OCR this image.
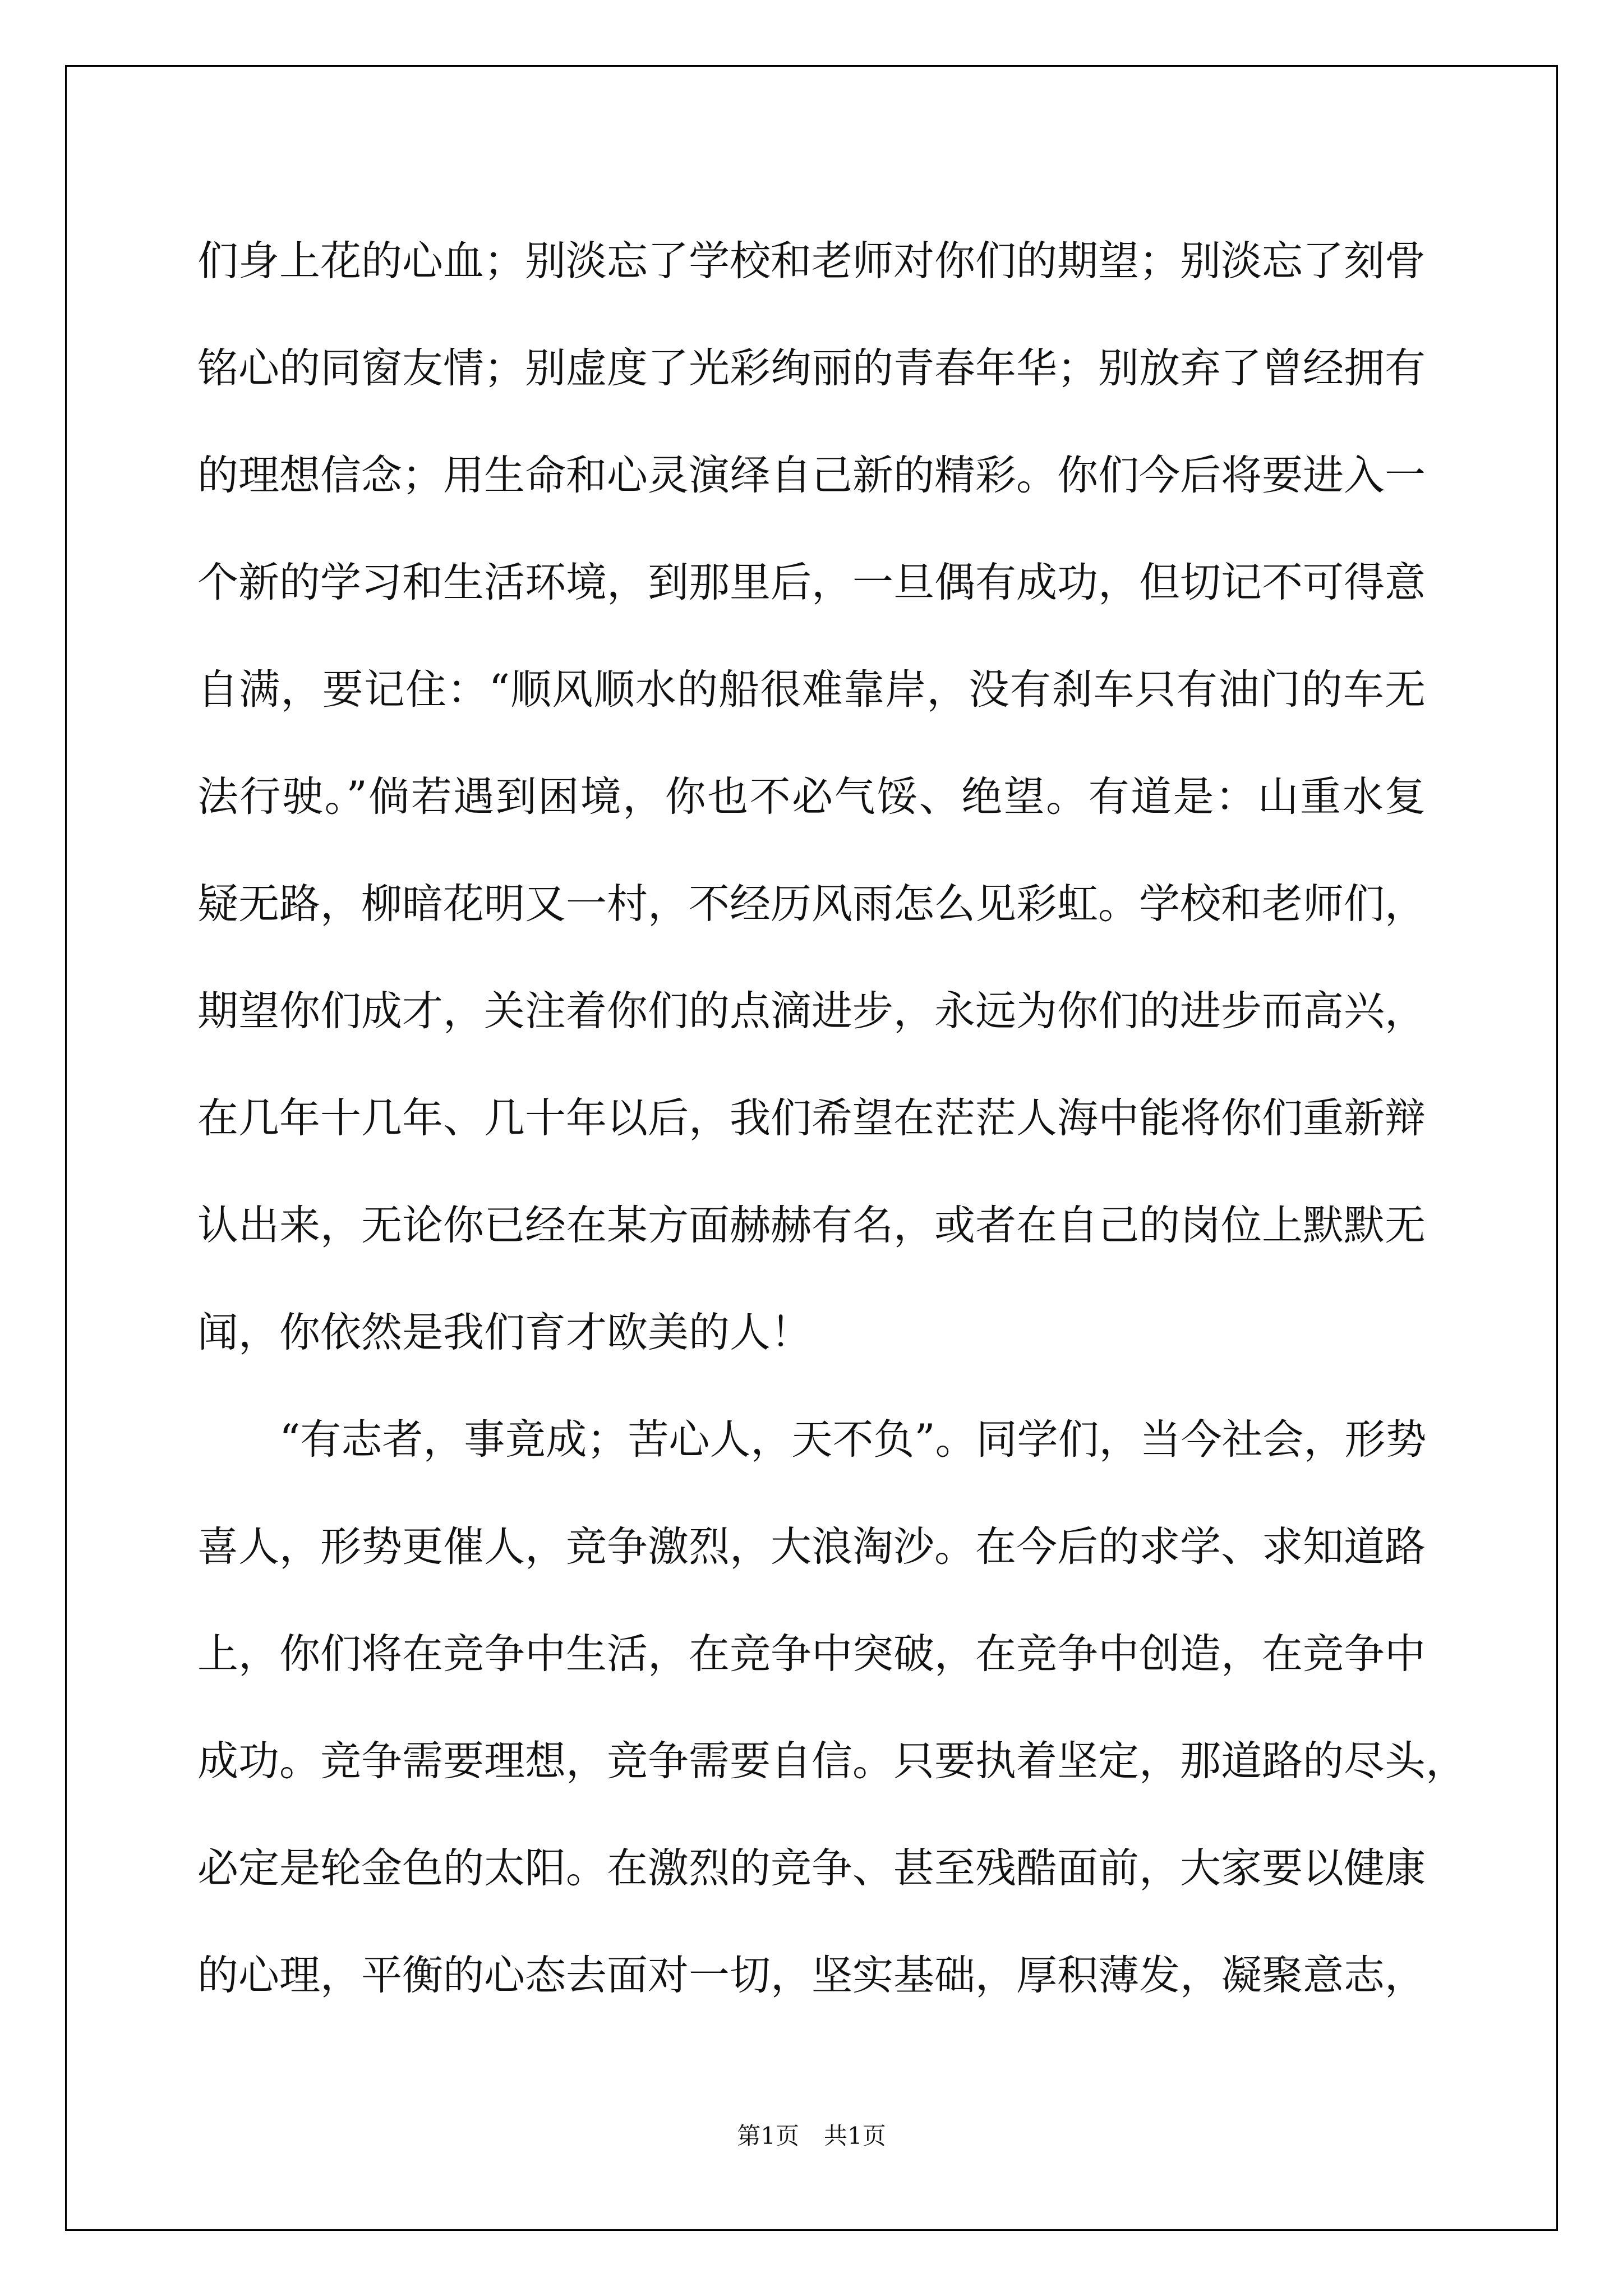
们身上花的心血；别淡忘了学校和老师对你们的期望；别淡忘了刻骨
铭心的同窗友情；别虚度了光彩绚丽的青春年华；别放弃了曾经拥有
的理想信念；用生命和心灵演绎自己新的精彩。你们今后将要进入一
个新的学习和生活环境，到那里后，一旦偶有成功，但切记不可得意
自满，要记住：“顺风顺水的船很难靠岸，没有刹车只有油门的车无
法行驶。”倘若遇到困境，你也不必气馁、绝望。有道是：山重水复
疑无路，柳暗花明又一村，不经历风雨怎么见彩虹。学校和老师们，
期望你们成才，关注着你们的点滴进步，永远为你们的进步而高兴，
在几年十几年、几十年以后，我们希望在茫茫人海中能将你们重新辩
认出来，无论你已经在某方面赫赫有名，或者在自己的岗位上默默无
闻，你依然是我们育才欧美的人！
“有志者，事竟成；苦心人，天不负”。同学们，当今社会，形势
喜人，形势更催人，竞争激烈，大浪淘沙。在今后的求学、求知道路
上，你们将在竞争中生活，在竞争中突破，在竞争中创造，在竞争中
成功。竞争需要理想，竞争需要自信。只要执着坚定，那道路的尽头，
必定是轮金色的太阳。在激烈的竞争、甚至残酷面前，大家要以健康
的心理，平衡的心态去面对一切，坚实基础，厚积薄发，凝聚意志，
第1页 共1页
